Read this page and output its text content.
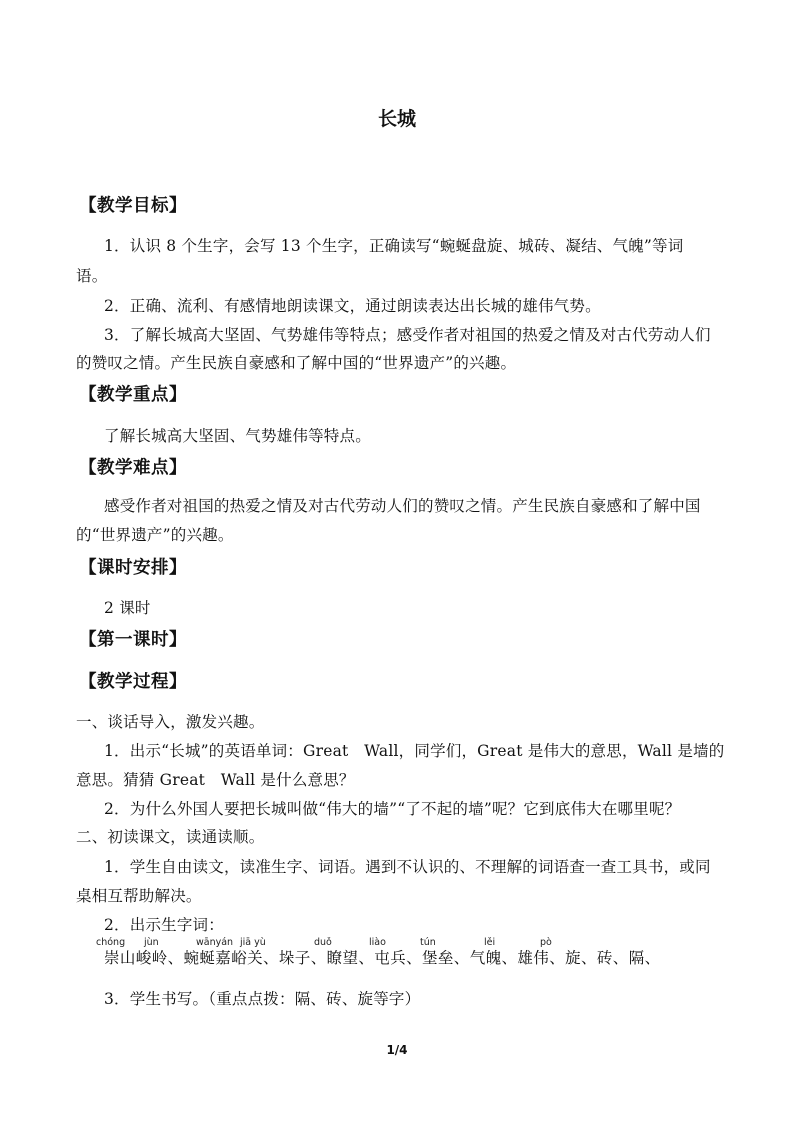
长城
【教学目标】
1．认识 8 个生字，会写 13 个生字，正确读写“蜿蜒盘旋、城砖、凝结、气魄”等词
语。
2．正确、流利、有感情地朗读课文，通过朗读表达出长城的雄伟气势。
3．了解长城高大坚固、气势雄伟等特点；感受作者对祖国的热爱之情及对古代劳动人们
的赞叹之情。产生民族自豪感和了解中国的“世界遗产”的兴趣。
【教学重点】
了解长城高大坚固、气势雄伟等特点。
【教学难点】
感受作者对祖国的热爱之情及对古代劳动人们的赞叹之情。产生民族自豪感和了解中国
的“世界遗产”的兴趣。
【课时安排】
2 课时
【第一课时】
【教学过程】
一、谈话导入，激发兴趣。
1．出示“长城”的英语单词：Great　Wall，同学们，Great 是伟大的意思，Wall 是墙的
意思。猜猜 Great　Wall 是什么意思？
2．为什么外国人要把长城叫做“伟大的墙”“了不起的墙”呢？它到底伟大在哪里呢？
二、初读课文，读通读顺。
1．学生自由读文，读准生字、词语。遇到不认识的、不理解的词语查一查工具书，或同
桌相互帮助解决。
2．出示生字词：
chóng jùn	wānyán jiā yù	duǒ	liào	tún	lěi	pò
崇山峻岭、蜿蜒嘉峪关、垛子、瞭望、屯兵、堡垒、气魄、雄伟、旋、砖、隔、
3．学生书写。（重点点拨：隔、砖、旋等字）
1/4
